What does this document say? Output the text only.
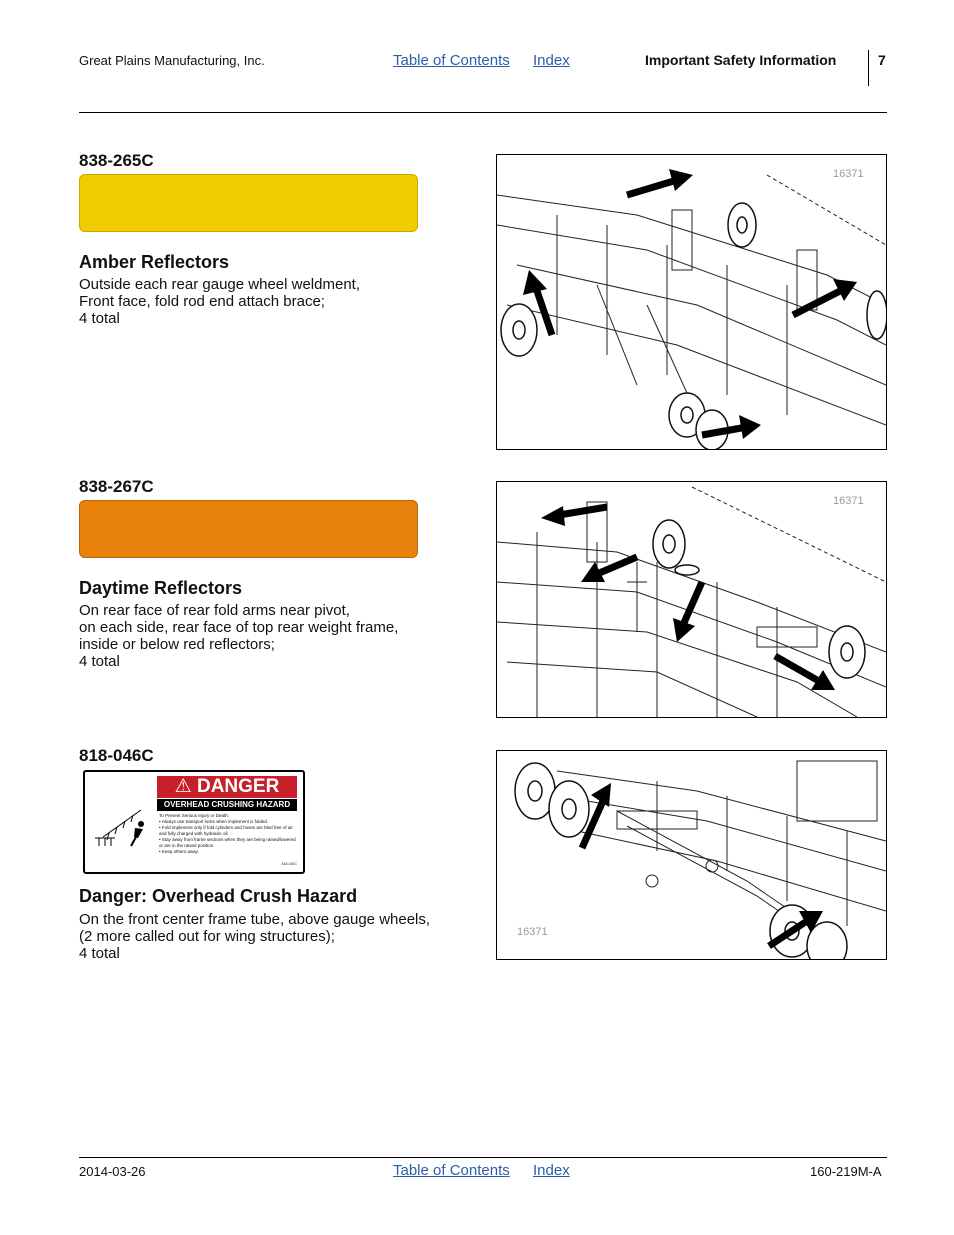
Great Plains Manufacturing, Inc.	Table of Contents Index	Important Safety Information	7
838-265C
Amber Reflectors
Outside each rear gauge wheel weldment,
Front face, fold rod end attach brace;
4 total
16371
838-267C
Daytime Reflectors
On rear face of rear fold arms near pivot,
on each side, rear face of top rear weight frame,
inside or below red reflectors;
4 total
16371
818-046C
⚠ DANGER
OVERHEAD CRUSHING HAZARD
To Prevent Serious Injury or Death:
• Always use transport locks when implement is folded.
• Fold implement only if fold cylinders and hoses are bled free of air and fully charged with hydraulic oil.
• Stay away from frame sections when they are being raised/lowered or are in the raised position.
• Keep others away.
818-046C
Danger: Overhead Crush Hazard
On the front center frame tube, above gauge wheels,
(2 more called out for wing structures);
4 total
16371
2014-03-26	Table of Contents Index	160-219M-A
